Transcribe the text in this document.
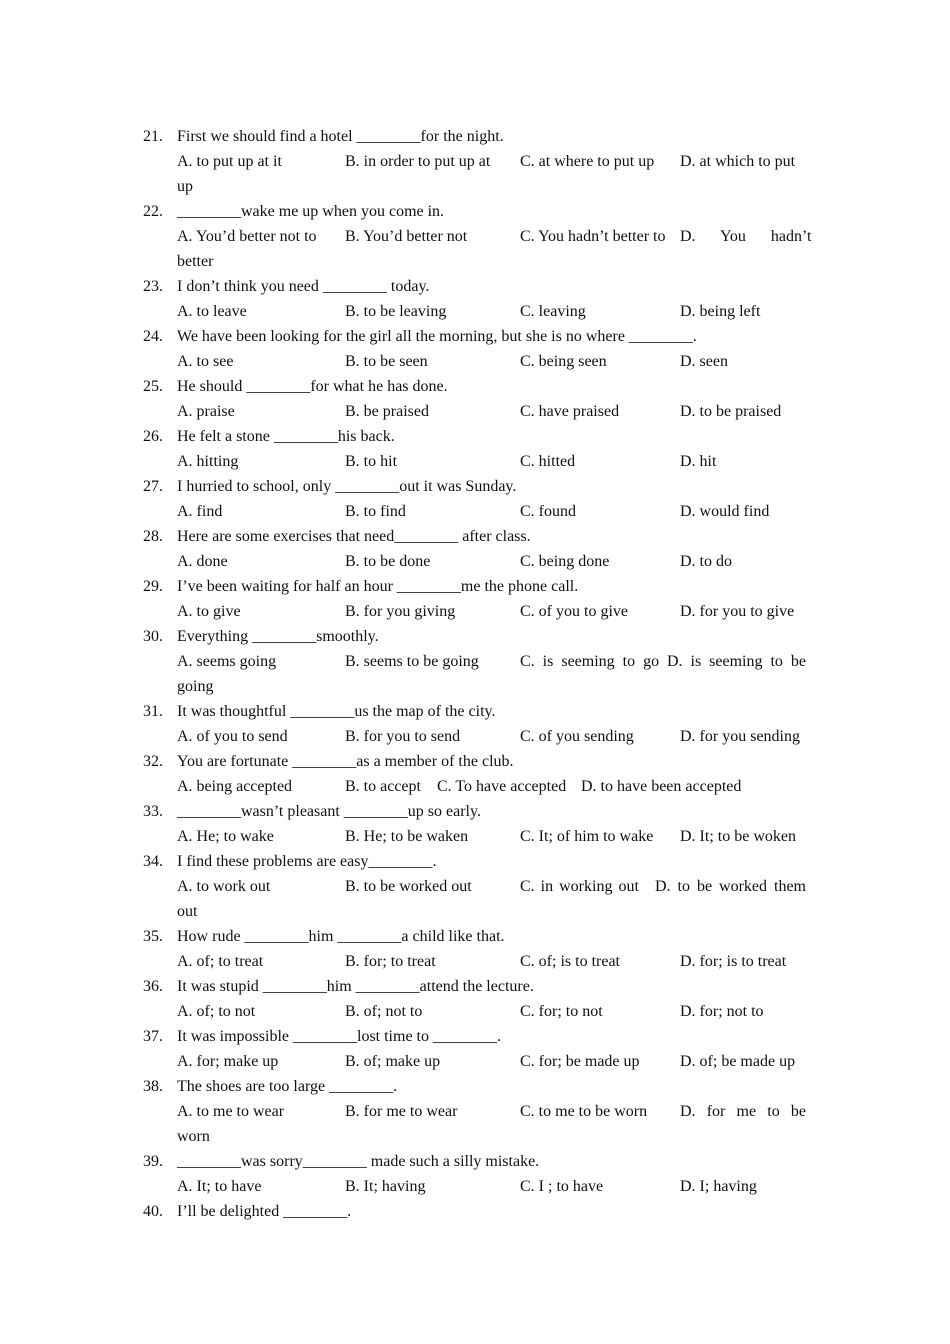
21. First we should find a hotel ________for the night.
A. to put up at it	B. in order to put up at C. at where to put up D. at which to put
up
22. ________wake me up when you come in.
A. You’d better not to B. You’d better not	C. You hadn’t better to D. You hadn’t
better
23. I don’t think you need ________ today.
A. to leave	B. to be leaving	C. leaving	D. being left
24. We have been looking for the girl all the morning, but she is no where ________.
A. to see	B. to be seen	C. being seen	D. seen
25. He should ________for what he has done.
A. praise	B. be praised	C. have praised	D. to be praised
26. He felt a stone ________his back.
A. hitting	B. to hit	C. hitted	D. hit
27. I hurried to school, only ________out it was Sunday.
A. find	B. to find	C. found	D. would find
28. Here are some exercises that need________ after class.
A. done	B. to be done	C. being done	D. to do
29. I’ve been waiting for half an hour ________me the phone call.
A. to give	B. for you giving	C. of you to give	D. for you to give
30. Everything ________smoothly.
A. seems going	B. seems to be going	C. is seeming to go D. is seeming to be
going
31. It was thoughtful ________us the map of the city.
A. of you to send	B. for you to send	C. of you sending	D. for you sending
32. You are fortunate ________as a member of the club.
A. being accepted	B. to accept C. To have accepted D. to have been accepted
33. ________wasn’t pleasant ________up so early.
A. He; to wake	B. He; to be waken	C. It; of him to wake D. It; to be woken
34. I find these problems are easy________.
A. to work out	B. to be worked out	C. in working out D. to be worked them
out
35. How rude ________him ________a child like that.
A. of; to treat	B. for; to treat	C. of; is to treat	D. for; is to treat
36. It was stupid ________him ________attend the lecture.
A. of; to not	B. of; not to	C. for; to not	D. for; not to
37. It was impossible ________lost time to ________.
A. for; make up	B. of; make up	C. for; be made up	D. of; be made up
38. The shoes are too large ________.
A. to me to wear	B. for me to wear	C. to me to be worn D. for me to be
worn
39. ________was sorry________ made such a silly mistake.
A. It; to have	B. It; having	C. I ; to have	D. I; having
40. I’ll be delighted ________.
